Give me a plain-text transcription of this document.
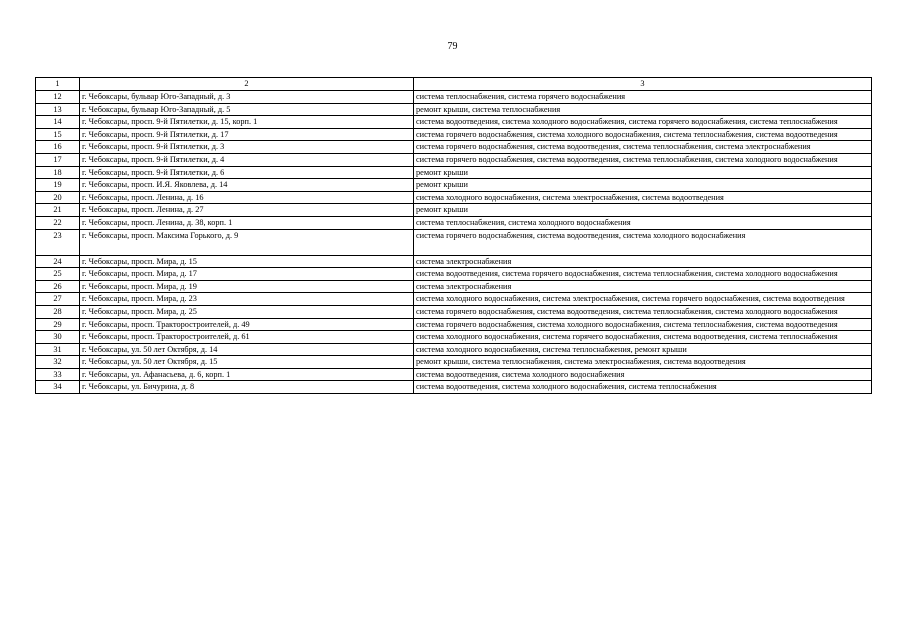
79
1	2	3
12	г. Чебоксары, бульвар Юго-Западный, д. 3	система теплоснабжения, система горячего водоснабжения
13	г. Чебоксары, бульвар Юго-Западный, д. 5	ремонт крыши, система теплоснабжения
14	г. Чебоксары, просп. 9-й Пятилетки, д. 15, корп. 1	система водоотведения, система холодного водоснабжения, система горячего водоснабжения, система теплоснабжения
15	г. Чебоксары, просп. 9-й Пятилетки, д. 17	система горячего водоснабжения, система холодного водоснабжения, система теплоснабжения, система водоотведения
16	г. Чебоксары, просп. 9-й Пятилетки, д. 3	система горячего водоснабжения, система водоотведения, система теплоснабжения, система электроснабжения
17	г. Чебоксары, просп. 9-й Пятилетки, д. 4	система горячего водоснабжения, система водоотведения, система теплоснабжения, система холодного водоснабжения
18	г. Чебоксары, просп. 9-й Пятилетки, д. 6	ремонт крыши
19	г. Чебоксары, просп. И.Я. Яковлева, д. 14	ремонт крыши
20	г. Чебоксары, просп. Ленина, д. 16	система холодного водоснабжения, система электроснабжения, система водоотведения
21	г. Чебоксары, просп. Ленина, д. 27	ремонт крыши
22	г. Чебоксары, просп. Ленина, д. 38, корп. 1	система теплоснабжения, система холодного водоснабжения
23	г. Чебоксары, просп. Максима Горького, д. 9	система горячего водоснабжения, система водоотведения, система холодного водоснабжения
24	г. Чебоксары, просп. Мира, д. 15	система электроснабжения
25	г. Чебоксары, просп. Мира, д. 17	система водоотведения, система горячего водоснабжения, система теплоснабжения, система холодного водоснабжения
26	г. Чебоксары, просп. Мира, д. 19	система электроснабжения
27	г. Чебоксары, просп. Мира, д. 23	система холодного водоснабжения, система электроснабжения, система горячего водоснабжения, система водоотведения
28	г. Чебоксары, просп. Мира, д. 25	система горячего водоснабжения, система водоотведения, система теплоснабжения, система холодного водоснабжения
29	г. Чебоксары, просп. Тракторостроителей, д. 49	система горячего водоснабжения, система холодного водоснабжения, система теплоснабжения, система водоотведения
30	г. Чебоксары, просп. Тракторостроителей, д. 61	система холодного водоснабжения, система горячего водоснабжения, система водоотведения, система теплоснабжения
31	г. Чебоксары, ул. 50 лет Октября, д. 14	система холодного водоснабжения, система теплоснабжения, ремонт крыши
32	г. Чебоксары, ул. 50 лет Октября, д. 15	ремонт крыши, система теплоснабжения, система электроснабжения, система водоотведения
33	г. Чебоксары, ул. Афанасьева, д. 6, корп. 1	система водоотведения, система холодного водоснабжения
34	г. Чебоксары, ул. Бичурина, д. 8	система водоотведения, система холодного водоснабжения, система теплоснабжения
